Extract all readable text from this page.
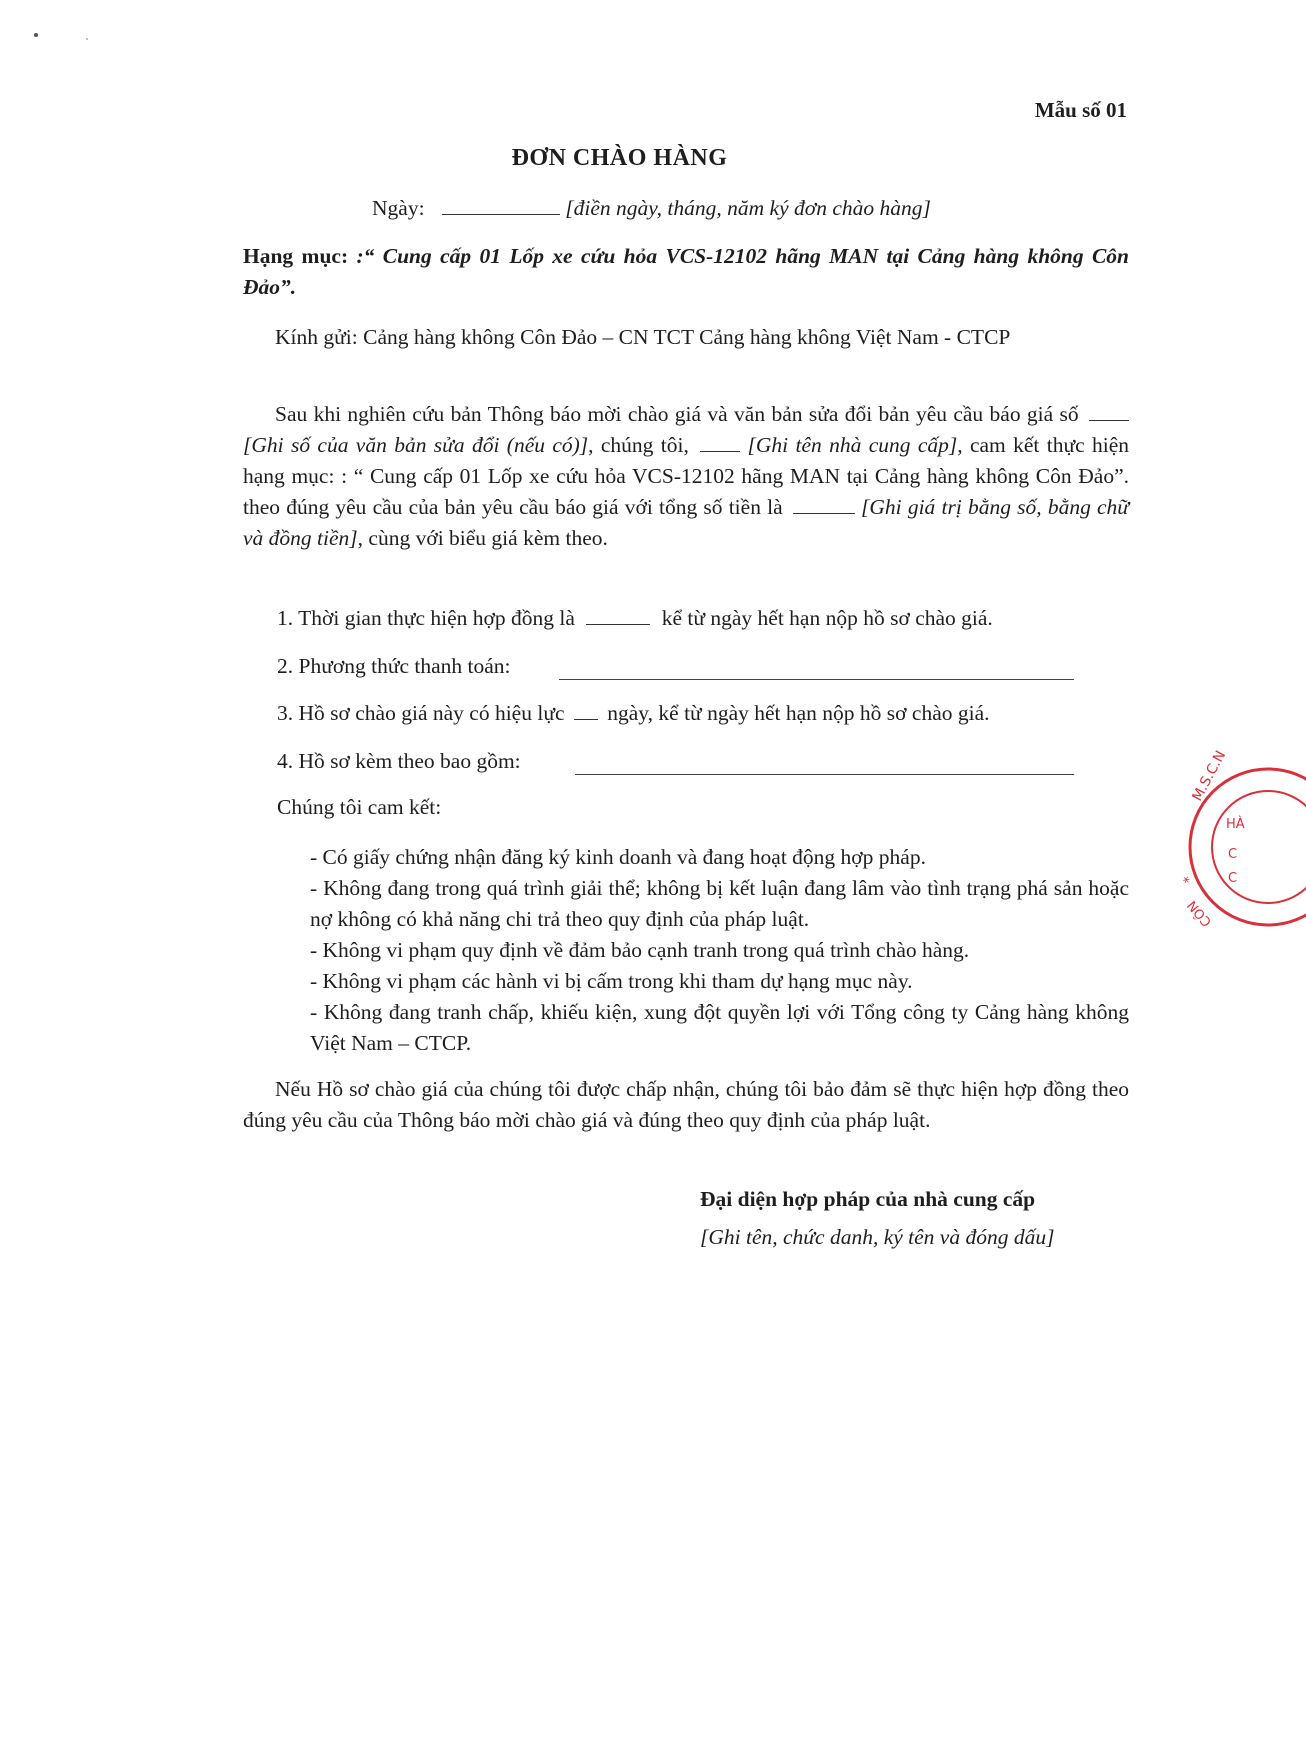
Mẫu số 01
ĐƠN CHÀO HÀNG
Ngày:	[điền ngày, tháng, năm ký đơn chào hàng]
Hạng mục: :“ Cung cấp 01 Lốp xe cứu hỏa VCS-12102 hãng MAN tại Cảng hàng không Côn Đảo”.
Kính gửi: Cảng hàng không Côn Đảo – CN TCT Cảng hàng không Việt Nam - CTCP
Sau khi nghiên cứu bản Thông báo mời chào giá và văn bản sửa đổi bản yêu cầu báo giá số  [Ghi số của văn bản sửa đổi (nếu có)], chúng tôi,	[Ghi tên nhà cung cấp], cam kết thực hiện hạng mục: : “ Cung cấp 01 Lốp xe cứu hỏa VCS-12102 hãng MAN tại Cảng hàng không Côn Đảo”. theo đúng yêu cầu của bản yêu cầu báo giá với tổng số tiền là	[Ghi giá trị bằng số, bằng chữ và đồng tiền], cùng với biểu giá kèm theo.
1. Thời gian thực hiện hợp đồng là	kể từ ngày hết hạn nộp hồ sơ chào giá.
2. Phương thức thanh toán:
3. Hồ sơ chào giá này có hiệu lực ngày, kể từ ngày hết hạn nộp hồ sơ chào giá.
4. Hồ sơ kèm theo bao gồm:
Chúng tôi cam kết:
- Có giấy chứng nhận đăng ký kinh doanh và đang hoạt động hợp pháp.
- Không đang trong quá trình giải thể; không bị kết luận đang lâm vào tình trạng phá sản hoặc nợ không có khả năng chi trả theo quy định của pháp luật.
- Không vi phạm quy định về đảm bảo cạnh tranh trong quá trình chào hàng.
- Không vi phạm các hành vi bị cấm trong khi tham dự hạng mục này.
- Không đang tranh chấp, khiếu kiện, xung đột quyền lợi với Tổng công ty Cảng hàng không Việt Nam – CTCP.
Nếu Hồ sơ chào giá của chúng tôi được chấp nhận, chúng tôi bảo đảm sẽ thực hiện hợp đồng theo đúng yêu cầu của Thông báo mời chào giá và đúng theo quy định của pháp luật.
Đại diện hợp pháp của nhà cung cấp
[Ghi tên, chức danh, ký tên và đóng dấu]
M.S.C.N
*
CÔN
HÀ
C
C
